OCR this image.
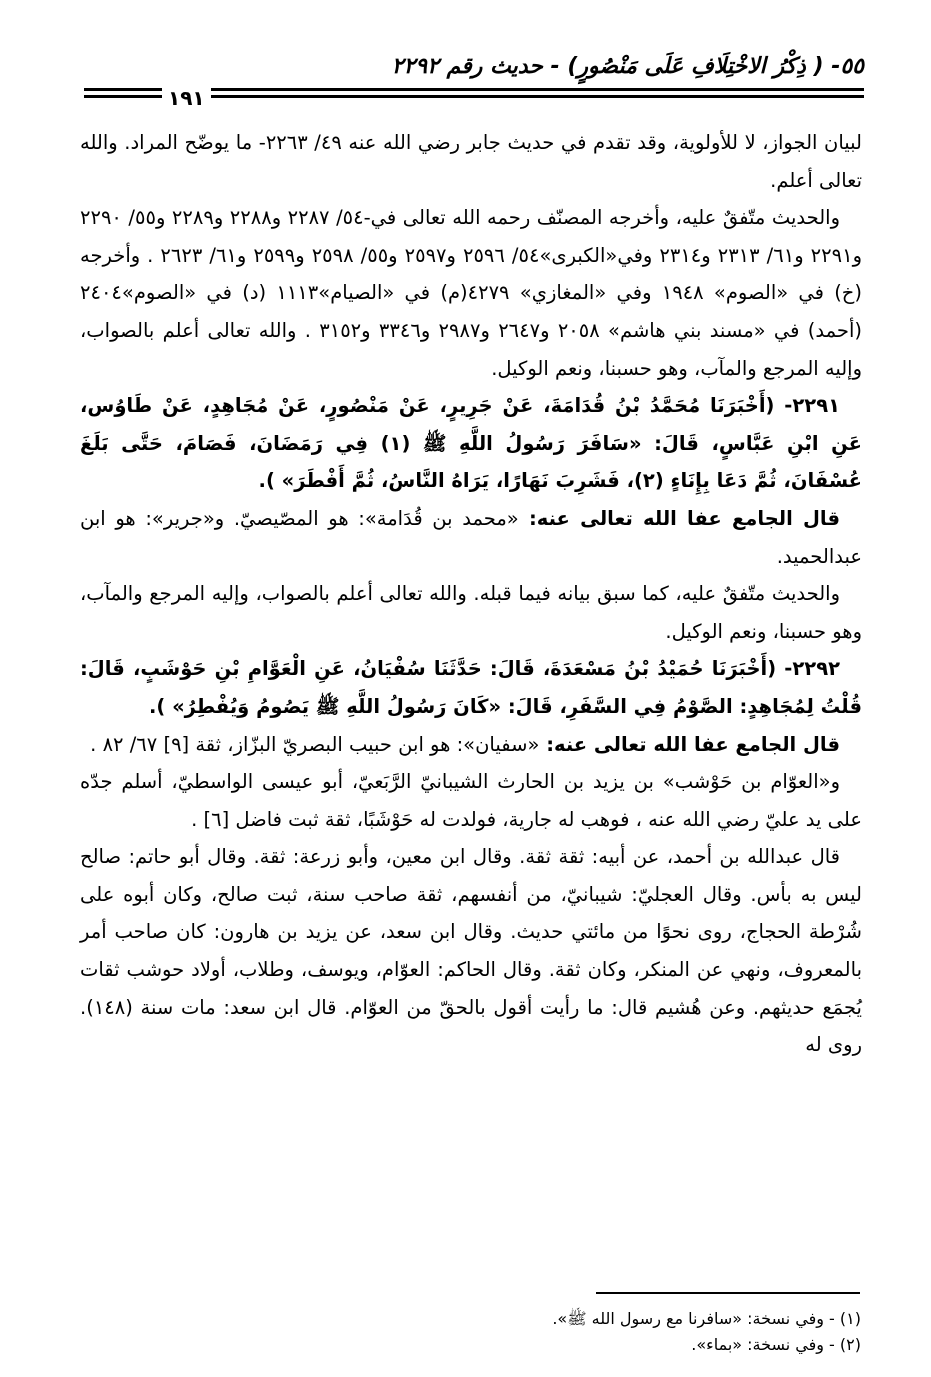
٥٥- ( ذِكْرُ الاخْتِلَافِ عَلَى مَنْصُورٍ) - حديث رقم ٢٢٩٢
١٩١

لبيان الجواز، لا للأولوية، وقد تقدم في حديث جابر رضي الله عنه ٤٩/ ٢٢٦٣- ما يوضّح المراد. والله تعالى أعلم.

والحديث متّفقٌ عليه، وأخرجه المصنّف رحمه الله تعالى في-٥٤/ ٢٢٨٧ و٢٢٨٨ و٢٢٨٩ و٥٥/ ٢٢٩٠ و٢٢٩١ و٦١/ ٢٣١٣ و٢٣١٤ وفي«الكبرى»٥٤/ ٢٥٩٦ و٢٥٩٧ و٥٥/ ٢٥٩٨ و٢٥٩٩ و٦١/ ٢٦٢٣ . وأخرجه (خ) في «الصوم» ١٩٤٨ وفي «المغازي» ٤٢٧٩(م) في «الصيام»١١١٣ (د) في «الصوم»٢٤٠٤ (أحمد) في «مسند بني هاشم» ٢٠٥٨ و٢٦٤٧ و٢٩٨٧ و٣٣٤٦ و٣١٥٢ . والله تعالى أعلم بالصواب، وإليه المرجع والمآب، وهو حسبنا، ونعم الوكيل.

٢٢٩١- (أَخْبَرَنَا مُحَمَّدُ بْنُ قُدَامَةَ، عَنْ جَرِيرٍ، عَنْ مَنْصُورٍ، عَنْ مُجَاهِدٍ، عَنْ طَاوُس، عَنِ ابْنِ عَبَّاسٍ، قَالَ: «سَافَرَ رَسُولُ اللَّهِ ﷺ (١) فِي رَمَضَانَ، فَصَامَ، حَتَّى بَلَغَ عُسْفَانَ، ثُمَّ دَعَا بِإِنَاءٍ (٢)، فَشَرِبَ نَهَارًا، يَرَاهُ النَّاسُ، ثُمَّ أَفْطَرَ» ).

قال الجامع عفا الله تعالى عنه: «محمد بن قُدَامة»: هو المصّيصيّ. و«جرير»: هو ابن عبدالحميد.

والحديث متّفقٌ عليه، كما سبق بيانه فيما قبله. والله تعالى أعلم بالصواب، وإليه المرجع والمآب، وهو حسبنا، ونعم الوكيل.

٢٢٩٢- (أَخْبَرَنَا حُمَيْدُ بْنُ مَسْعَدَةَ، قَالَ: حَدَّثَنَا سُفْيَانُ، عَنِ الْعَوَّامِ بْنِ حَوْشَبٍ، قَالَ: قُلْتُ لِمُجَاهِدٍ: الصَّوْمُ فِي السَّفَرِ، قَالَ: «كَانَ رَسُولُ اللَّهِ ﷺ يَصُومُ وَيُفْطِرُ» ).

قال الجامع عفا الله تعالى عنه: «سفيان»: هو ابن حبيب البصريّ البزّاز، ثقة [٩] ٦٧/ ٨٢ .

و«العوّام بن حَوْشب» بن يزيد بن الحارث الشيبانيّ الرَّبَعيّ، أبو عيسى الواسطيّ، أسلم جدّه على يد عليّ رضي الله عنه ، فوهب له جارية، فولدت له حَوْشَبًا، ثقة ثبت فاضل [٦] .

قال عبدالله بن أحمد، عن أبيه: ثقة ثقة. وقال ابن معين، وأبو زرعة: ثقة. وقال أبو حاتم: صالح ليس به بأس. وقال العجليّ: شيبانيّ، من أنفسهم، ثقة صاحب سنة، ثبت صالح، وكان أبوه على شُرْطة الحجاج، روى نحوًا من مائتي حديث. وقال ابن سعد، عن يزيد بن هارون: كان صاحب أمر بالمعروف، ونهي عن المنكر، وكان ثقة. وقال الحاكم: العوّام، ويوسف، وطلاب، أولاد حوشب ثقات يُجمَع حديثهم. وعن هُشيم قال: ما رأيت أقول بالحقّ من العوّام. قال ابن سعد: مات سنة (١٤٨). روى له

(١) - وفي نسخة: «سافرنا مع رسول الله ﷺ».

(٢) - وفي نسخة: «بماء».
